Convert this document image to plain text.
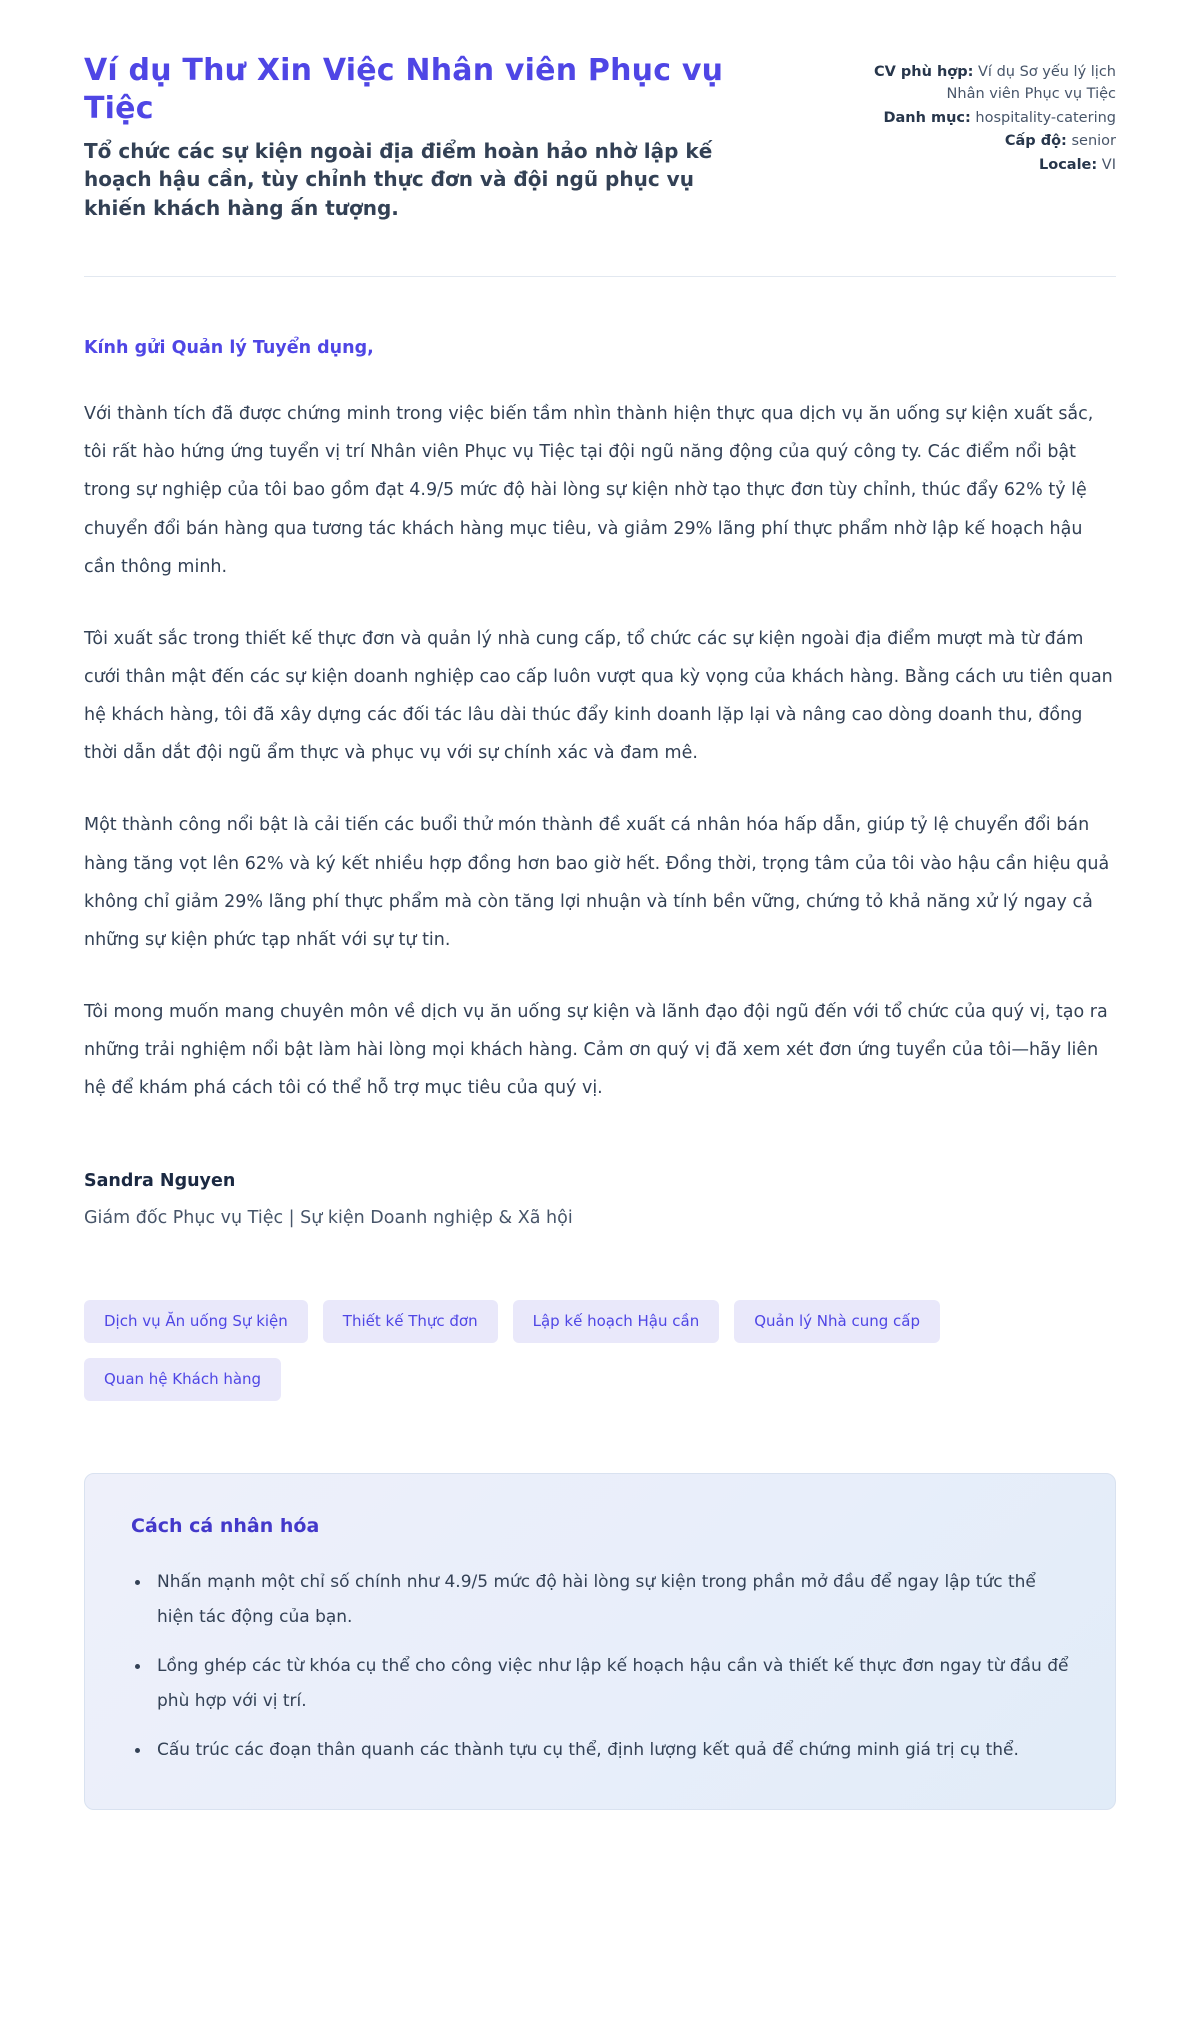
Ví dụ Thư Xin Việc Nhân viên Phục vụ Tiệc
Tổ chức các sự kiện ngoài địa điểm hoàn hảo nhờ lập kế hoạch hậu cần, tùy chỉnh thực đơn và đội ngũ phục vụ khiến khách hàng ấn tượng.
CV phù hợp: Ví dụ Sơ yếu lý lịch Nhân viên Phục vụ Tiệc
Danh mục: hospitality-catering
Cấp độ: senior
Locale: VI
Kính gửi Quản lý Tuyển dụng,

Với thành tích đã được chứng minh trong việc biến tầm nhìn thành hiện thực qua dịch vụ ăn uống sự kiện xuất sắc, tôi rất hào hứng ứng tuyển vị trí Nhân viên Phục vụ Tiệc tại đội ngũ năng động của quý công ty. Các điểm nổi bật trong sự nghiệp của tôi bao gồm đạt 4.9/5 mức độ hài lòng sự kiện nhờ tạo thực đơn tùy chỉnh, thúc đẩy 62% tỷ lệ chuyển đổi bán hàng qua tương tác khách hàng mục tiêu, và giảm 29% lãng phí thực phẩm nhờ lập kế hoạch hậu cần thông minh.

Tôi xuất sắc trong thiết kế thực đơn và quản lý nhà cung cấp, tổ chức các sự kiện ngoài địa điểm mượt mà từ đám cưới thân mật đến các sự kiện doanh nghiệp cao cấp luôn vượt qua kỳ vọng của khách hàng. Bằng cách ưu tiên quan hệ khách hàng, tôi đã xây dựng các đối tác lâu dài thúc đẩy kinh doanh lặp lại và nâng cao dòng doanh thu, đồng thời dẫn dắt đội ngũ ẩm thực và phục vụ với sự chính xác và đam mê.

Một thành công nổi bật là cải tiến các buổi thử món thành đề xuất cá nhân hóa hấp dẫn, giúp tỷ lệ chuyển đổi bán hàng tăng vọt lên 62% và ký kết nhiều hợp đồng hơn bao giờ hết. Đồng thời, trọng tâm của tôi vào hậu cần hiệu quả không chỉ giảm 29% lãng phí thực phẩm mà còn tăng lợi nhuận và tính bền vững, chứng tỏ khả năng xử lý ngay cả những sự kiện phức tạp nhất với sự tự tin.

Tôi mong muốn mang chuyên môn về dịch vụ ăn uống sự kiện và lãnh đạo đội ngũ đến với tổ chức của quý vị, tạo ra những trải nghiệm nổi bật làm hài lòng mọi khách hàng. Cảm ơn quý vị đã xem xét đơn ứng tuyển của tôi—hãy liên hệ để khám phá cách tôi có thể hỗ trợ mục tiêu của quý vị.

Sandra Nguyen
Giám đốc Phục vụ Tiệc | Sự kiện Doanh nghiệp & Xã hội
Dịch vụ Ăn uống Sự kiện	Thiết kế Thực đơn	Lập kế hoạch Hậu cần	Quản lý Nhà cung cấp
Quan hệ Khách hàng
Cách cá nhân hóa
• Nhấn mạnh một chỉ số chính như 4.9/5 mức độ hài lòng sự kiện trong phần mở đầu để ngay lập tức thể hiện tác động của bạn.
• Lồng ghép các từ khóa cụ thể cho công việc như lập kế hoạch hậu cần và thiết kế thực đơn ngay từ đầu để phù hợp với vị trí.
• Cấu trúc các đoạn thân quanh các thành tựu cụ thể, định lượng kết quả để chứng minh giá trị cụ thể.
